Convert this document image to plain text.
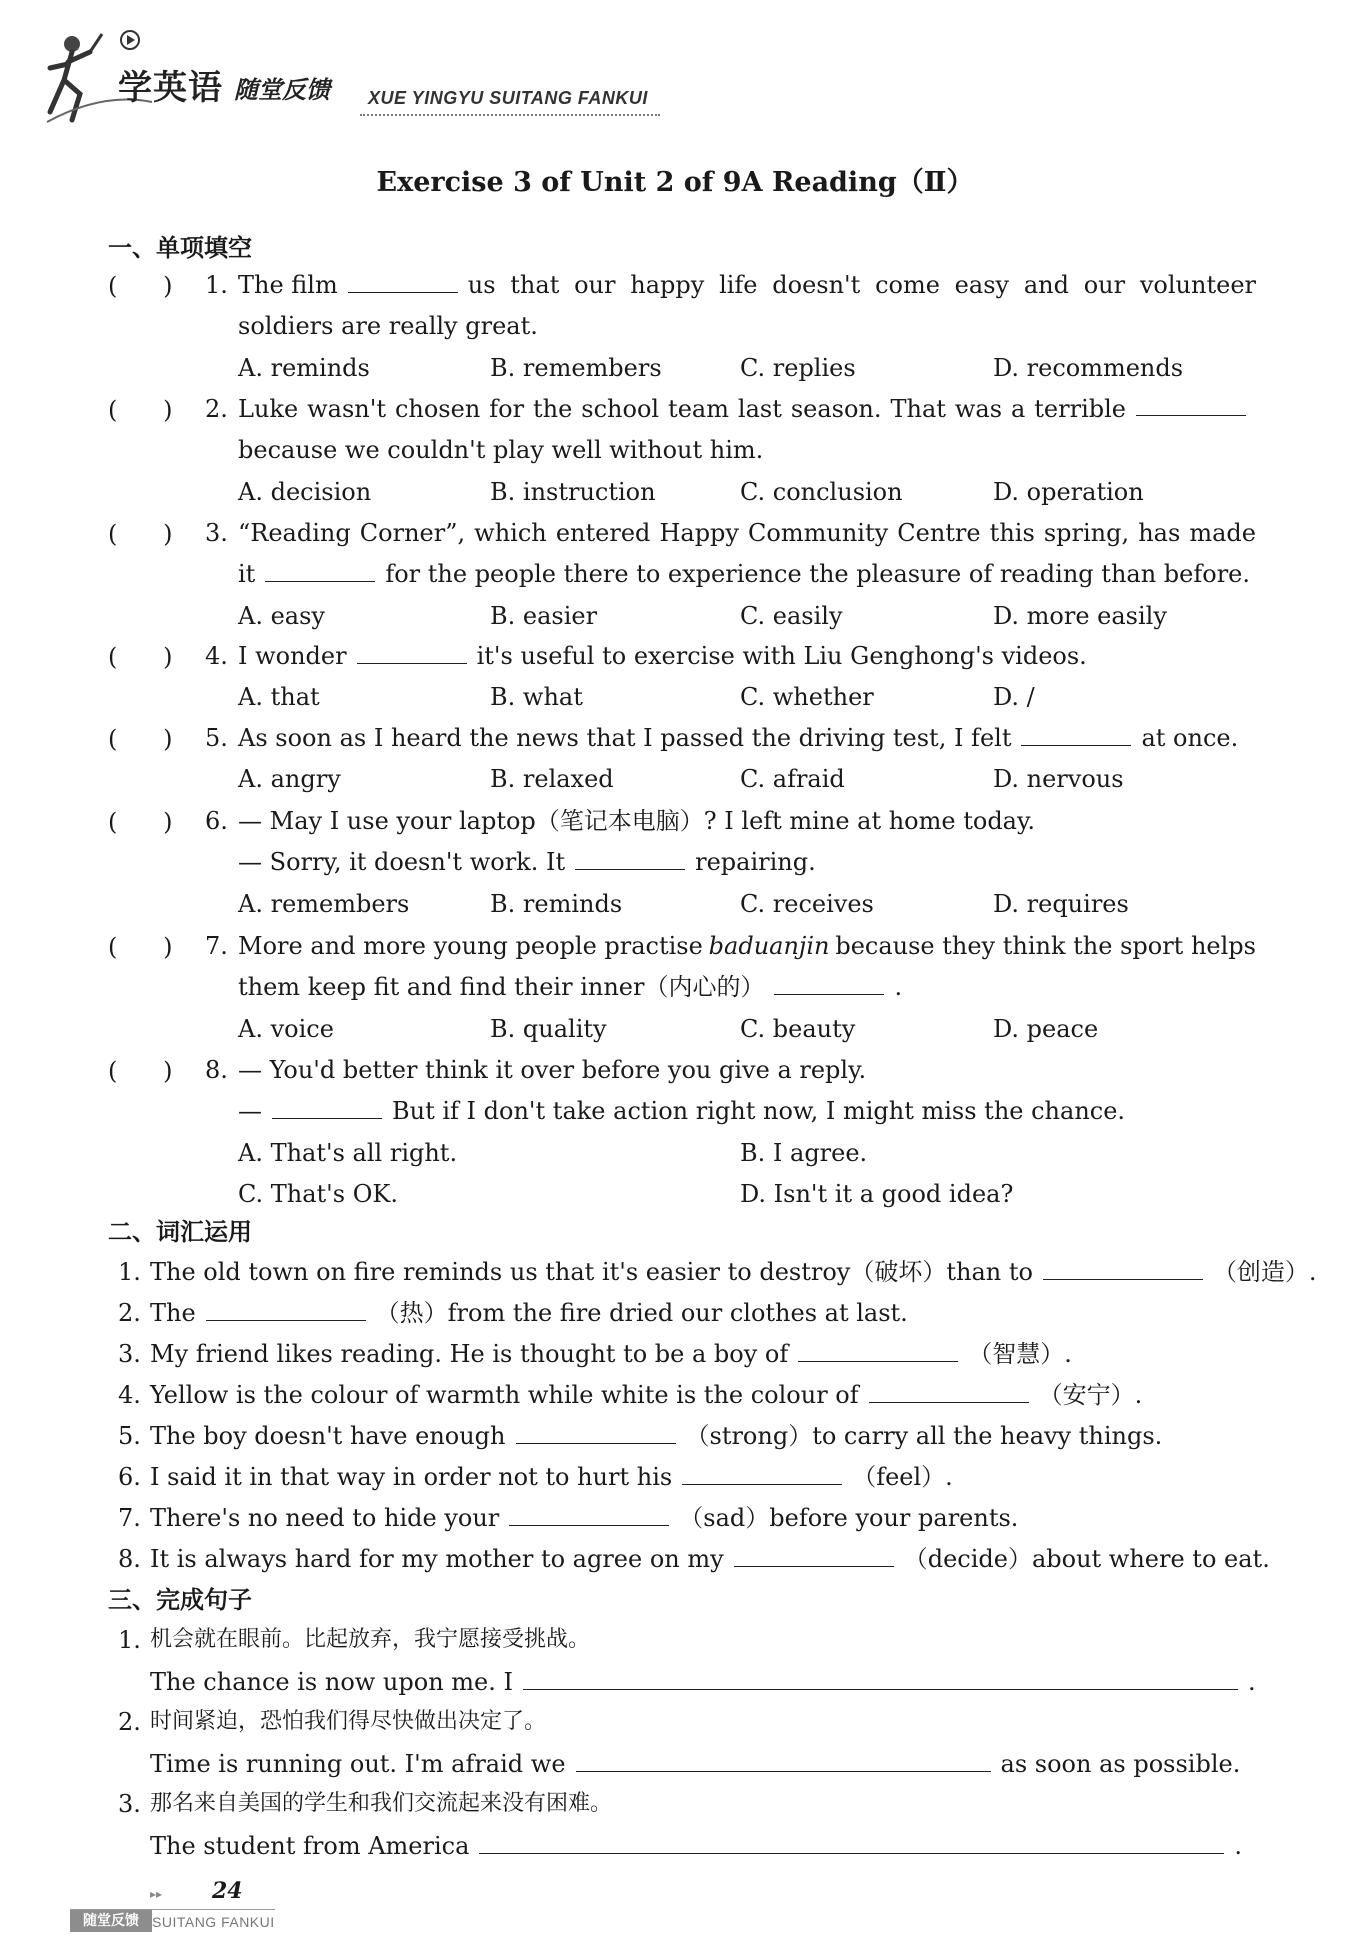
学英语 随堂反馈 XUE YINGYU SUITANG FANKUI
Exercise 3 of Unit 2 of 9A Reading（Ⅱ）
一、单项填空
(      )	1. The film	us that our happy life doesn't come easy and our volunteer
soldiers are really great.
A. reminds	B. remembers	C. replies	D. recommends
(      )	2. Luke wasn't chosen for the school team last season. That was a terrible
because we couldn't play well without him.
A. decision	B. instruction	C. conclusion	D. operation
(      )	3. “Reading Corner”, which entered Happy Community Centre this spring, has made
it	for the people there to experience the pleasure of reading than before.
A. easy	B. easier	C. easily	D. more easily
(      )	4. I wonder	it's useful to exercise with Liu Genghong's videos.
A. that	B. what	C. whether	D. /
(      )	5. As soon as I heard the news that I passed the driving test, I felt	at once.
A. angry	B. relaxed	C. afraid	D. nervous
(      )	6. — May I use your laptop（笔记本电脑）? I left mine at home today.
— Sorry, it doesn't work. It	repairing.
A. remembers	B. reminds	C. receives	D. requires
(      )	7. More and more young people practise baduanjin because they think the sport helps
them keep fit and find their inner（内心的）	.
A. voice	B. quality	C. beauty	D. peace
(      )	8. — You'd better think it over before you give a reply.
—	But if I don't take action right now, I might miss the chance.
A. That's all right.	B. I agree.
C. That's OK.	D. Isn't it a good idea?
二、词汇运用
1. The old town on fire reminds us that it's easier to destroy（破坏）than to	（创造）.
2. The	（热）from the fire dried our clothes at last.
3. My friend likes reading. He is thought to be a boy of	（智慧）.
4. Yellow is the colour of warmth while white is the colour of	（安宁）.
5. The boy doesn't have enough	（strong）to carry all the heavy things.
6. I said it in that way in order not to hurt his	（feel）.
7. There's no need to hide your	（sad）before your parents.
8. It is always hard for my mother to agree on my	（decide）about where to eat.
三、完成句子
1. 机会就在眼前。比起放弃，我宁愿接受挑战。
The chance is now upon me. I	.
2. 时间紧迫，恐怕我们得尽快做出决定了。
Time is running out. I'm afraid we	as soon as possible.
3. 那名来自美国的学生和我们交流起来没有困难。
The student from America	.
▸▸ 24
随堂反馈 SUITANG FANKUI
